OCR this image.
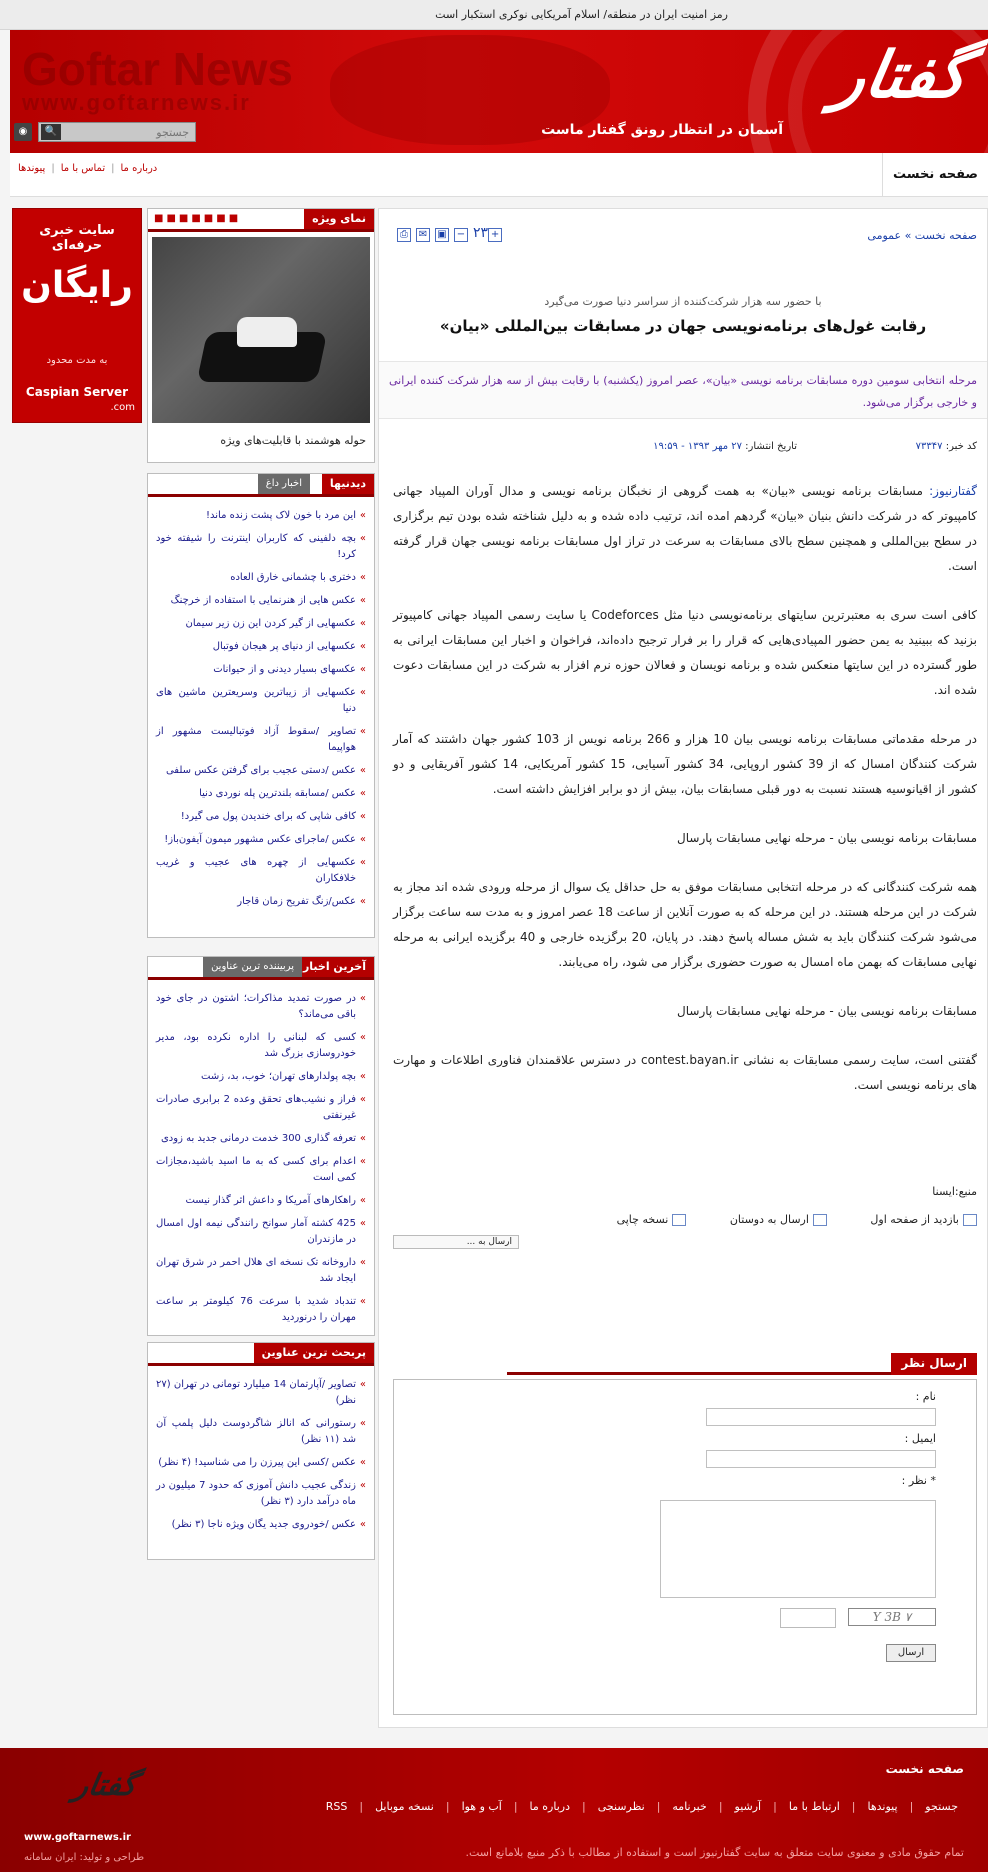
رمز امنیت ایران در منطقه/ اسلام آمریکایی نوکری استکبار است
Goftar News
www.goftarnews.ir	گفتار
آسمان در انتظار رونق گفتار ماست
جستجو
🔍
◉
صفحه نخست
درباره ما|تماس با ما|پیوندها
صفحه نخست » عمومی
⎙ ✉ ▣ − ۲۳ +
با حضور سه هزار شرکت‌کننده از سراسر دنیا صورت می‌گیرد
رقابت غول‌های برنامه‌نویسی جهان در مسابقات بین‌المللی «بیان»
مرحله انتخابی سومین دوره مسابقات برنامه نویسی «بیان»، عصر امروز (یکشنبه) با رقابت بیش از سه هزار شرکت کننده ایرانی و خارجی برگزار می‌شود.
کد خبر: ۷۳۳۴۷
تاریخ انتشار: ۲۷ مهر ۱۳۹۳ - ۱۹:۵۹

گفتارنیوز: مسابقات برنامه نویسی «بیان» به همت گروهی از نخبگان برنامه نویسی و مدال آوران المپیاد جهانی کامپیوتر که در شرکت دانش بنیان «بیان» گردهم امده اند، ترتیب داده شده و به دلیل شناخته شده بودن تیم برگزاری در سطح بین‌المللی و همچنین سطح بالای مسابقات به سرعت در تراز اول مسابقات برنامه نویسی جهان قرار گرفته است.

کافی است سری به معتبرترین سایتهای برنامه‌نویسی دنیا مثل Codeforces یا سایت رسمی المپیاد جهانی کامپیوتر بزنید که ببینید به یمن حضور المپیادی‌هایی که قرار را بر فرار ترجیح داده‌اند، فراخوان و اخبار این مسابقات ایرانی به طور گسترده در این سایتها منعکس شده و برنامه نویسان و فعالان حوزه نرم افزار به شرکت در این مسابقات دعوت شده اند.

در مرحله مقدماتی مسابقات برنامه نویسی بیان 10 هزار و 266 برنامه نویس از 103 کشور جهان داشتند که آمار شرکت کنندگان امسال که از 39 کشور اروپایی، 34 کشور آسیایی، 15 کشور آمریکایی، 14 کشور آفریقایی و دو کشور از اقیانوسیه هستند نسبت به دور قبلی مسابقات بیان، بیش از دو برابر افزایش داشته است.

مسابقات برنامه نویسی بیان - مرحله نهایی مسابقات پارسال

همه شرکت کنندگانی که در مرحله انتخابی مسابقات موفق به حل حداقل یک سوال از مرحله ورودی شده اند مجاز به شرکت در این مرحله هستند. در این مرحله که به صورت آنلاین از ساعت 18 عصر امروز و به مدت سه ساعت برگزار می‌شود شرکت کنندگان باید به شش مساله پاسخ دهند. در پایان، 20 برگزیده خارجی و 40 برگزیده ایرانی به مرحله نهایی مسابقات که بهمن ماه امسال به صورت حضوری برگزار می شود، راه می‌یابند.

مسابقات برنامه نویسی بیان - مرحله نهایی مسابقات پارسال

گفتنی است، سایت رسمی مسابقات به نشانی contest.bayan.ir در دسترس علاقمندان فناوری اطلاعات و مهارت های برنامه نویسی است.

منبع:ایسنا
بازدید از صفحه اول ارسال به دوستان نسخه چاپی
ارسال به ...
ارسال نظر
نام :
ایمیل :
* نظر :
Y 3B ٧
ارسال
نمای ویژه
■■■■■■■
حوله هوشمند با قابلیت‌های ویژه
دیدنیها
اخبار داغ
» این مرد با خون لاک پشت زنده ماند!
» بچه دلفینی که کاربران اینترنت را شیفته خود کرد!
» دختری با چشمانی خارق العاده
» عکس هایی از هنرنمایی با استفاده از خرچنگ
» عکسهایی از گیر کردن این زن زیر سیمان
» عکسهایی از دنیای پر هیجان فوتبال
» عکسهای بسیار دیدنی و از حیوانات
» عکسهایی از زیباترین وسریعترین ماشین های دنیا
» تصاویر /سقوط آزاد فوتبالیست مشهور از هواپیما
» عکس /دستی عجیب برای گرفتن عکس سلفی
» عکس /مسابقه بلندترین پله نوردی دنیا
» کافی شاپی که برای خندیدن پول می گیرد!
» عکس /ماجرای عکس مشهور میمون آیفون‌باز!
» عکسهایی از چهره های عجیب و غریب خلافکاران
» عکس/زنگ تفریح زمان قاجار
آخرین اخبار
پربیننده ترین عناوین
» در صورت تمدید مذاکرات؛ اشتون در جای خود باقی می‌ماند؟
» کسی که لبنانی را اداره نکرده بود، مدیر خودروسازی بزرگ شد
» بچه پولدارهای تهران؛ خوب، بد، زشت
» فراز و نشیب‌های تحقق وعده 2 برابری صادرات غیرنفتی
» تعرفه گذاری 300 خدمت درمانی جدید به زودی
» اعدام برای کسی که به ما اسید باشید،مجازات کمی است
» راهکارهای آمریکا و داعش اثر گذار نیست
» 425 کشته آمار سوانح رانندگی نیمه اول امسال در مازندران
» داروخانه تک نسخه ای هلال احمر در شرق تهران ایجاد شد
» تندباد شدید با سرعت 76 کیلومتر بر ساعت مهران را درنوردید
پربحث ترین عناوین
» تصاویر /آپارتمان 14 میلیارد تومانی در تهران (۲۷ نظر)
» رستورانی که انالز شاگردوست دلیل پلمپ آن شد (۱۱ نظر)
» عکس /کسی این پیرزن را می شناسید! (۴ نظر)
» زندگی عجیب دانش آموزی که حدود 7 میلیون در ماه درآمد دارد (۳ نظر)
» عکس /خودروی جدید یگان ویژه ناجا (۳ نظر)
سایت خبری حرفه‌ای
رایگان
به مدت محدود
Caspian Server
.com
صفحه نخست
جستجو|پیوندها|ارتباط با ما|آرشیو|خبرنامه|نظرسنجی|درباره ما|آب و هوا|نسخه موبایل|RSS
تمام حقوق مادی و معنوی سایت متعلق به سایت گفتارنیوز است و استفاده از مطالب با ذکر منبع بلامانع است.
گفتار
www.goftarnews.ir
طراحی و تولید: ایران سامانه
